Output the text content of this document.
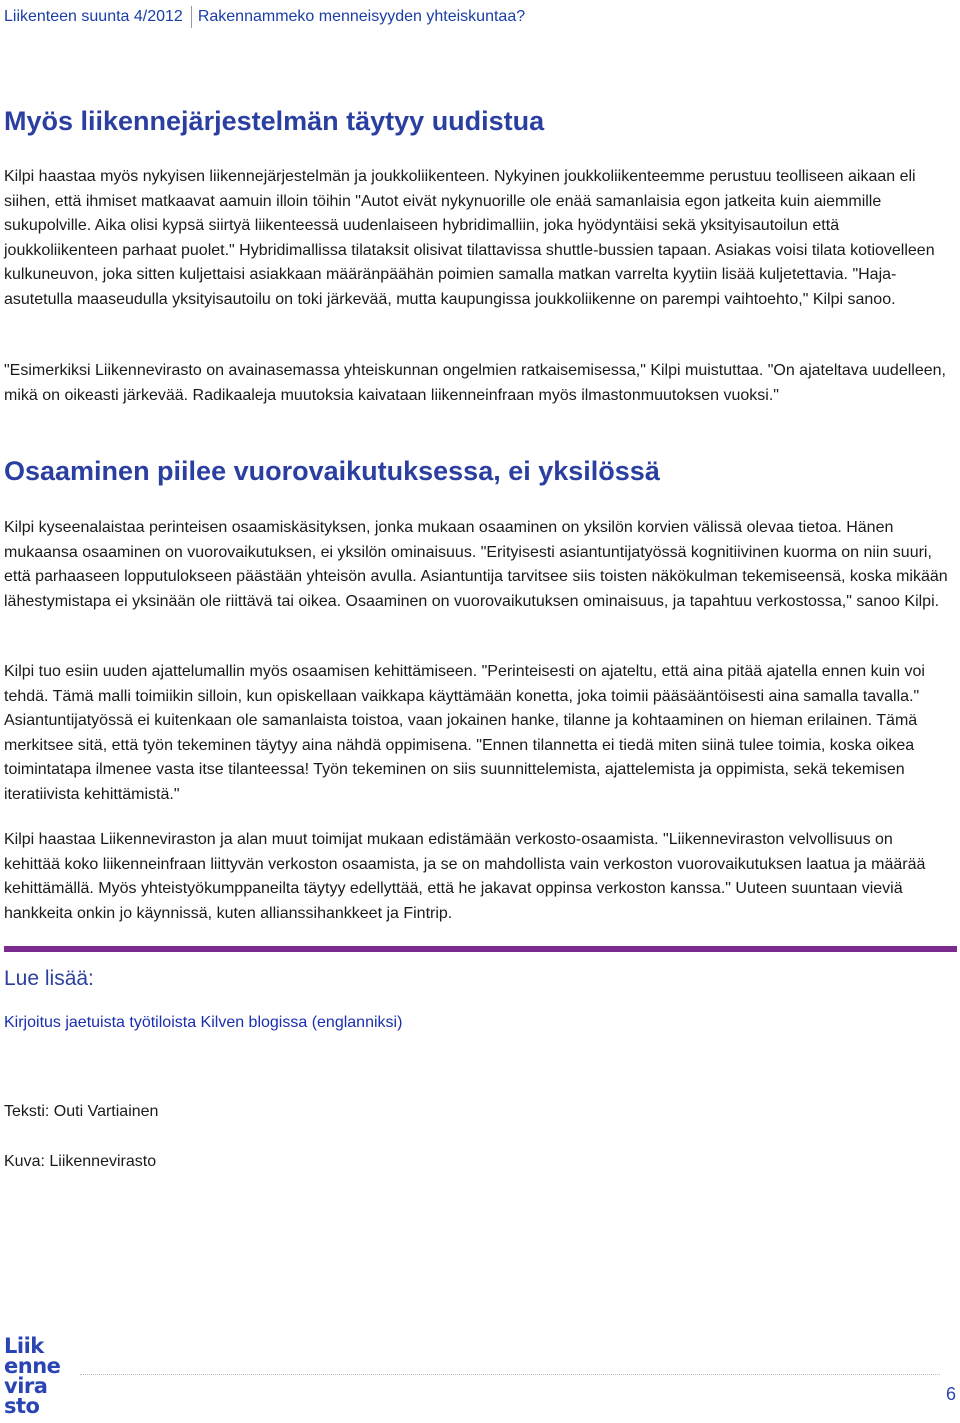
Liikenteen suunta 4/2012 Rakennammeko menneisyyden yhteiskuntaa?
Myös liikennejärjestelmän täytyy uudistua

Kilpi haastaa myös nykyisen liikennejärjestelmän ja joukkoliikenteen. Nykyinen joukkoliikenteemme perustuu teolliseen aikaan eli siihen, että ihmiset matkaavat aamuin illoin töihin "Autot eivät nykynuorille ole enää samanlaisia egon jatkeita kuin aiemmille sukupolville. Aika olisi kypsä siirtyä liikenteessä uudenlaiseen hybridimalliin, joka hyödyntäisi sekä yksityisautoilun että joukkoliikenteen parhaat puolet." Hybridimallissa tilataksit olisivat tilattavissa shuttle-bussien tapaan. Asiakas voisi tilata kotiovelleen kulkuneuvon, joka sitten kuljettaisi asiakkaan määränpäähän poimien samalla matkan varrelta kyytiin lisää kuljetettavia. "Haja-asutetulla maaseudulla yksityisautoilu on toki järkevää, mutta kaupungissa joukkoliikenne on parempi vaihtoehto," Kilpi sanoo.

"Esimerkiksi Liikennevirasto on avainasemassa yhteiskunnan ongelmien ratkaisemisessa," Kilpi muistuttaa. "On ajateltava uudelleen, mikä on oikeasti järkevää. Radikaaleja muutoksia kaivataan liikenneinfraan myös ilmastonmuutoksen vuoksi."

Osaaminen piilee vuorovaikutuksessa, ei yksilössä

Kilpi kyseenalaistaa perinteisen osaamiskäsityksen, jonka mukaan osaaminen on yksilön korvien välissä olevaa tietoa. Hänen mukaansa osaaminen on vuorovaikutuksen, ei yksilön ominaisuus. "Erityisesti asiantuntijatyössä kognitiivinen kuorma on niin suuri, että parhaaseen lopputulokseen päästään yhteisön avulla. Asiantuntija tarvitsee siis toisten näkökulman tekemiseensä, koska mikään lähestymistapa ei yksinään ole riittävä tai oikea. Osaaminen on vuorovaikutuksen ominaisuus, ja tapahtuu verkostossa," sanoo Kilpi.

Kilpi tuo esiin uuden ajattelumallin myös osaamisen kehittämiseen. "Perinteisesti on ajateltu, että aina pitää ajatella ennen kuin voi tehdä. Tämä malli toimiikin silloin, kun opiskellaan vaikkapa käyttämään konetta, joka toimii pääsääntöisesti aina samalla tavalla." Asiantuntijatyössä ei kuitenkaan ole samanlaista toistoa, vaan jokainen hanke, tilanne ja kohtaaminen on hieman erilainen. Tämä merkitsee sitä, että työn tekeminen täytyy aina nähdä oppimisena. "Ennen tilannetta ei tiedä miten siinä tulee toimia, koska oikea toimintatapa ilmenee vasta itse tilanteessa! Työn tekeminen on siis suunnittelemista, ajattelemista ja oppimista, sekä tekemisen iteratiivista kehittämistä."

Kilpi haastaa Liikenneviraston ja alan muut toimijat mukaan edistämään verkosto-osaamista. "Liikenneviraston velvollisuus on kehittää koko liikenneinfraan liittyvän verkoston osaamista, ja se on mahdollista vain verkoston vuorovaikutuksen laatua ja määrää kehittämällä. Myös yhteistyökumppaneilta täytyy edellyttää, että he jakavat oppinsa verkoston kanssa." Uuteen suuntaan vieviä hankkeita onkin jo käynnissä, kuten allianssihankkeet ja Fintrip.

Lue lisää:
Kirjoitus jaetuista työtiloista Kilven blogissa (englanniksi)
Teksti: Outi Vartiainen
Kuva: Liikennevirasto
Liik
enne
vira
sto	6
